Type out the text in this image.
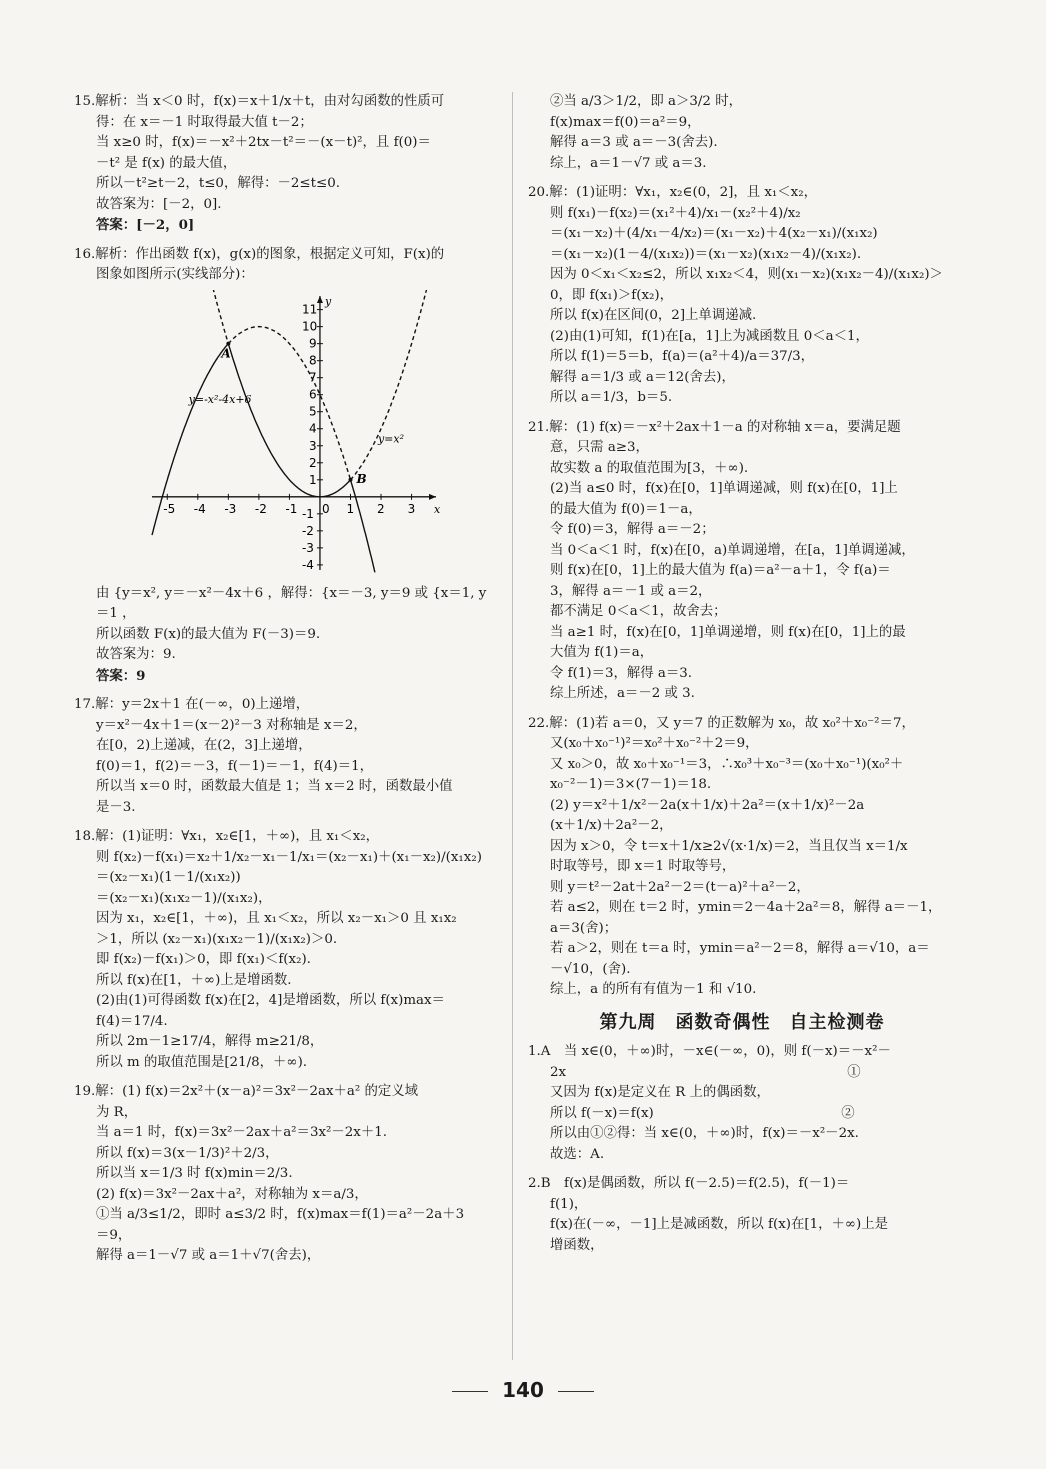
15.解析：当 x＜0 时，f(x)＝x＋1/x＋t，由对勾函数的性质可

得：在 x＝－1 时取得最大值 t－2；

当 x≥0 时，f(x)＝－x²＋2tx－t²＝－(x－t)²，且 f(0)＝

－t² 是 f(x) 的最大值，

所以－t²≥t－2，t≤0，解得：－2≤t≤0.

故答案为：[－2，0].

答案：[－2，0]

16.解析：作出函数 f(x)，g(x)的图象，根据定义可知，F(x)的

图象如图所示(实线部分)：

x
y
-5 -4 -3 -2 -1 0 1 2 3
11
10
9
8
7
6
5
4
3
2
1
-1
-2
-3
-4
y=-x²-4x+6
y=x²
A
B

由 {y＝x², y＝－x²－4x＋6 ，解得：{x＝－3, y＝9 或 {x＝1, y＝1 ，

所以函数 F(x)的最大值为 F(－3)＝9.

故答案为：9.

答案：9

17.解：y＝2x＋1 在(－∞，0)上递增，

y＝x²－4x＋1＝(x－2)²－3 对称轴是 x＝2，

在[0，2)上递减，在(2，3]上递增，

f(0)＝1，f(2)＝－3，f(－1)＝－1，f(4)＝1，

所以当 x＝0 时，函数最大值是 1；当 x＝2 时，函数最小值

是－3.

18.解：(1)证明：∀x₁，x₂∈[1，＋∞)，且 x₁＜x₂，

则 f(x₂)－f(x₁)＝x₂＋1/x₂－x₁－1/x₁＝(x₂－x₁)＋(x₁－x₂)/(x₁x₂)

＝(x₂－x₁)(1－1/(x₁x₂))

＝(x₂－x₁)(x₁x₂－1)/(x₁x₂)，

因为 x₁，x₂∈[1，＋∞)，且 x₁＜x₂，所以 x₂－x₁＞0 且 x₁x₂

＞1，所以 (x₂－x₁)(x₁x₂－1)/(x₁x₂)＞0.

即 f(x₂)－f(x₁)＞0，即 f(x₁)＜f(x₂).

所以 f(x)在[1，＋∞)上是增函数.

(2)由(1)可得函数 f(x)在[2，4]是增函数，所以 f(x)max＝

f(4)＝17/4.

所以 2m－1≥17/4，解得 m≥21/8，

所以 m 的取值范围是[21/8，＋∞).

19.解：(1) f(x)＝2x²＋(x－a)²＝3x²－2ax＋a² 的定义域

为 R，

当 a＝1 时，f(x)＝3x²－2ax＋a²＝3x²－2x＋1.

所以 f(x)＝3(x－1/3)²＋2/3，

所以当 x＝1/3 时 f(x)min＝2/3.

(2) f(x)＝3x²－2ax＋a²，对称轴为 x＝a/3，

①当 a/3≤1/2，即时 a≤3/2 时，f(x)max＝f(1)＝a²－2a＋3

＝9，

解得 a＝1－√7 或 a＝1＋√7(舍去)，

②当 a/3＞1/2，即 a＞3/2 时，

f(x)max＝f(0)＝a²＝9，

解得 a＝3 或 a＝－3(舍去).

综上，a＝1－√7 或 a＝3.

20.解：(1)证明：∀x₁，x₂∈(0，2]，且 x₁＜x₂，

则 f(x₁)－f(x₂)＝(x₁²＋4)/x₁－(x₂²＋4)/x₂

＝(x₁－x₂)＋(4/x₁－4/x₂)＝(x₁－x₂)＋4(x₂－x₁)/(x₁x₂)

＝(x₁－x₂)(1－4/(x₁x₂))＝(x₁－x₂)(x₁x₂－4)/(x₁x₂).

因为 0＜x₁＜x₂≤2，所以 x₁x₂＜4，则(x₁－x₂)(x₁x₂－4)/(x₁x₂)＞

0，即 f(x₁)＞f(x₂)，

所以 f(x)在区间(0，2]上单调递减.

(2)由(1)可知，f(1)在[a，1]上为减函数且 0＜a＜1，

所以 f(1)＝5＝b，f(a)＝(a²＋4)/a＝37/3，

解得 a＝1/3 或 a＝12(舍去)，

所以 a＝1/3，b＝5.

21.解：(1) f(x)＝－x²＋2ax＋1－a 的对称轴 x＝a，要满足题

意，只需 a≥3，

故实数 a 的取值范围为[3，＋∞).

(2)当 a≤0 时，f(x)在[0，1]单调递减，则 f(x)在[0，1]上

的最大值为 f(0)＝1－a，

令 f(0)＝3，解得 a＝－2；

当 0＜a＜1 时，f(x)在[0，a)单调递增，在[a，1]单调递减，

则 f(x)在[0，1]上的最大值为 f(a)＝a²－a＋1，令 f(a)＝

3，解得 a＝－1 或 a＝2，

都不满足 0＜a＜1，故舍去；

当 a≥1 时，f(x)在[0，1]单调递增，则 f(x)在[0，1]上的最

大值为 f(1)＝a，

令 f(1)＝3，解得 a＝3.

综上所述，a＝－2 或 3.

22.解：(1)若 a＝0，又 y＝7 的正数解为 x₀，故 x₀²＋x₀⁻²＝7，

又(x₀＋x₀⁻¹)²＝x₀²＋x₀⁻²＋2＝9，

又 x₀＞0，故 x₀＋x₀⁻¹＝3，∴x₀³＋x₀⁻³＝(x₀＋x₀⁻¹)(x₀²＋

x₀⁻²－1)＝3×(7－1)＝18.

(2) y＝x²＋1/x²－2a(x＋1/x)＋2a²＝(x＋1/x)²－2a

(x＋1/x)＋2a²－2，

因为 x＞0，令 t＝x＋1/x≥2√(x·1/x)＝2，当且仅当 x＝1/x

时取等号，即 x＝1 时取等号，

则 y＝t²－2at＋2a²－2＝(t－a)²＋a²－2，

若 a≤2，则在 t＝2 时，ymin＝2－4a＋2a²＝8，解得 a＝－1，

a＝3(舍)；

若 a＞2，则在 t＝a 时，ymin＝a²－2＝8，解得 a＝√10，a＝

－√10，(舍).

综上，a 的所有有值为－1 和 √10.

第九周　函数奇偶性　自主检测卷

1.A　当 x∈(0，＋∞)时，－x∈(－∞，0)，则 f(－x)＝－x²－

2x　　　　　　　　　　　　　　　　　　　　　①

又因为 f(x)是定义在 R 上的偶函数，

所以 f(－x)＝f(x)　　　　　　　　　　　　　　②

所以由①②得：当 x∈(0，＋∞)时，f(x)＝－x²－2x.

故选：A.

2.B　f(x)是偶函数，所以 f(－2.5)＝f(2.5)，f(－1)＝

f(1)，

f(x)在(－∞，－1]上是减函数，所以 f(x)在[1，＋∞)上是

增函数，

140
